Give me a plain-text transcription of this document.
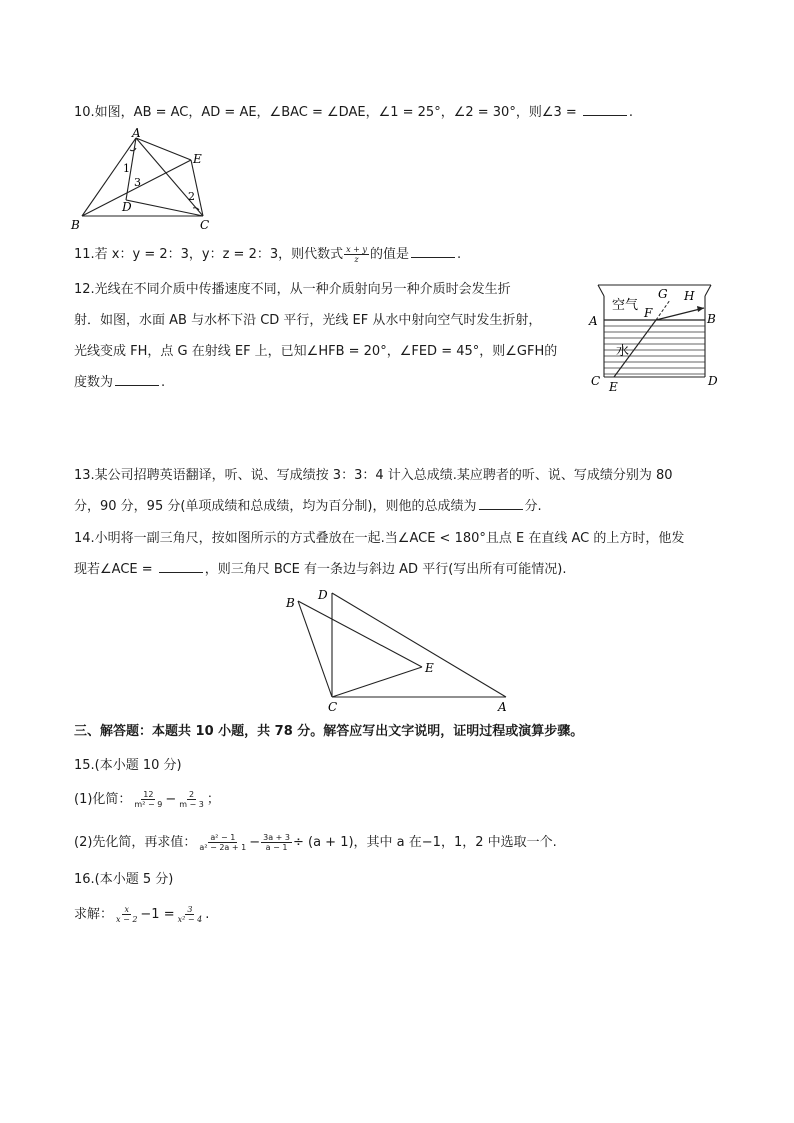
10.如图，AB = AC，AD = AE，∠BAC = ∠DAE，∠1 = 25°，∠2 = 30°，则∠3 =	.
A
B	C
D
E
1
2
3
11.若 x：y = 2：3，y：z = 2：3，则代数式 $\frac{x + y}{z}$ 的值是	.
12.光线在不同介质中传播速度不同，从一种介质射向另一种介质时会发生折
射．如图，水面 AB 与水杯下沿 CD 平行，光线 EF 从水中射向空气时发生折射，
光线变成 FH，点 G 在射线 EF 上，已知∠HFB = 20°，∠FED = 45°，则∠GFH的
度数为	.
空气
水
A	B
C	D
E
F
G H
13.某公司招聘英语翻译，听、说、写成绩按 3：3：4 计入总成绩.某应聘者的听、说、写成绩分别为 80
分，90 分，95 分(单项成绩和总成绩，均为百分制)，则他的总成绩为	分.
14.小明将一副三角尺，按如图所示的方式叠放在一起.当∠ACE < 180°且点 E 在直线 AC 的上方时，他发
现若∠ACE =	，则三角尺 BCE 有一条边与斜边 AD 平行(写出所有可能情况).
B
D
E
C	A
三、解答题：本题共 10 小题，共 78 分。解答应写出文字说明，证明过程或演算步骤。
15.(本小题 10 分)
(1)化简： $\frac{12}{\text{m² − 9}} - \frac{2}{m - 3}$ ；
(2)先化简，再求值： $\frac{\text{a² − 1}}{\text{a² − 2a + 1}} - \frac{3a + 3}{a - 1} \div (a + 1)$，其中 a 在−1，1，2 中选取一个.
16.(本小题 5 分)
求解： $\frac{x}{x - 2} -1 = \frac{3}{\text{x² − 4}}$ .
